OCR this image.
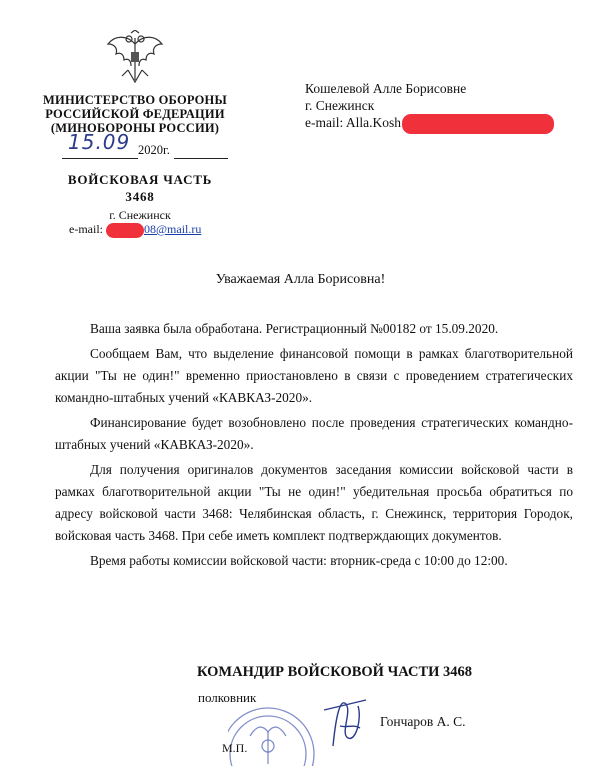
МИНИСТЕРСТВО ОБОРОНЫ
РОССИЙСКОЙ ФЕДЕРАЦИИ
(МИНОБОРОНЫ РОССИИ)
15.09 2020г.
ВОЙСКОВАЯ ЧАСТЬ
3468
г. Снежинск
e-mail:	08@mail.ru
Кошелевой Алле Борисовне
г. Снежинск
e-mail: Alla.Kosh
Уважаемая Алла Борисовна!

Ваша заявка была обработана. Регистрационный №00182 от 15.09.2020.

Сообщаем Вам, что выделение финансовой помощи в рамках благотворительной акции "Ты не один!" временно приостановлено в связи с проведением стратегических командно-штабных учений «КАВКАЗ-2020».

Финансирование будет возобновлено после проведения стратегических командно-штабных учений «КАВКАЗ-2020».

Для получения оригиналов документов заседания комиссии войсковой части в рамках благотворительной акции "Ты не один!" убедительная просьба обратиться по адресу войсковой части 3468: Челябинская область, г. Снежинск, территория Городок, войсковая часть 3468. При себе иметь комплект подтверждающих документов.

Время работы комиссии войсковой части: вторник-среда с 10:00 до 12:00.

КОМАНДИР ВОЙСКОВОЙ ЧАСТИ 3468
полковник
Гончаров А. С.
М.П.
